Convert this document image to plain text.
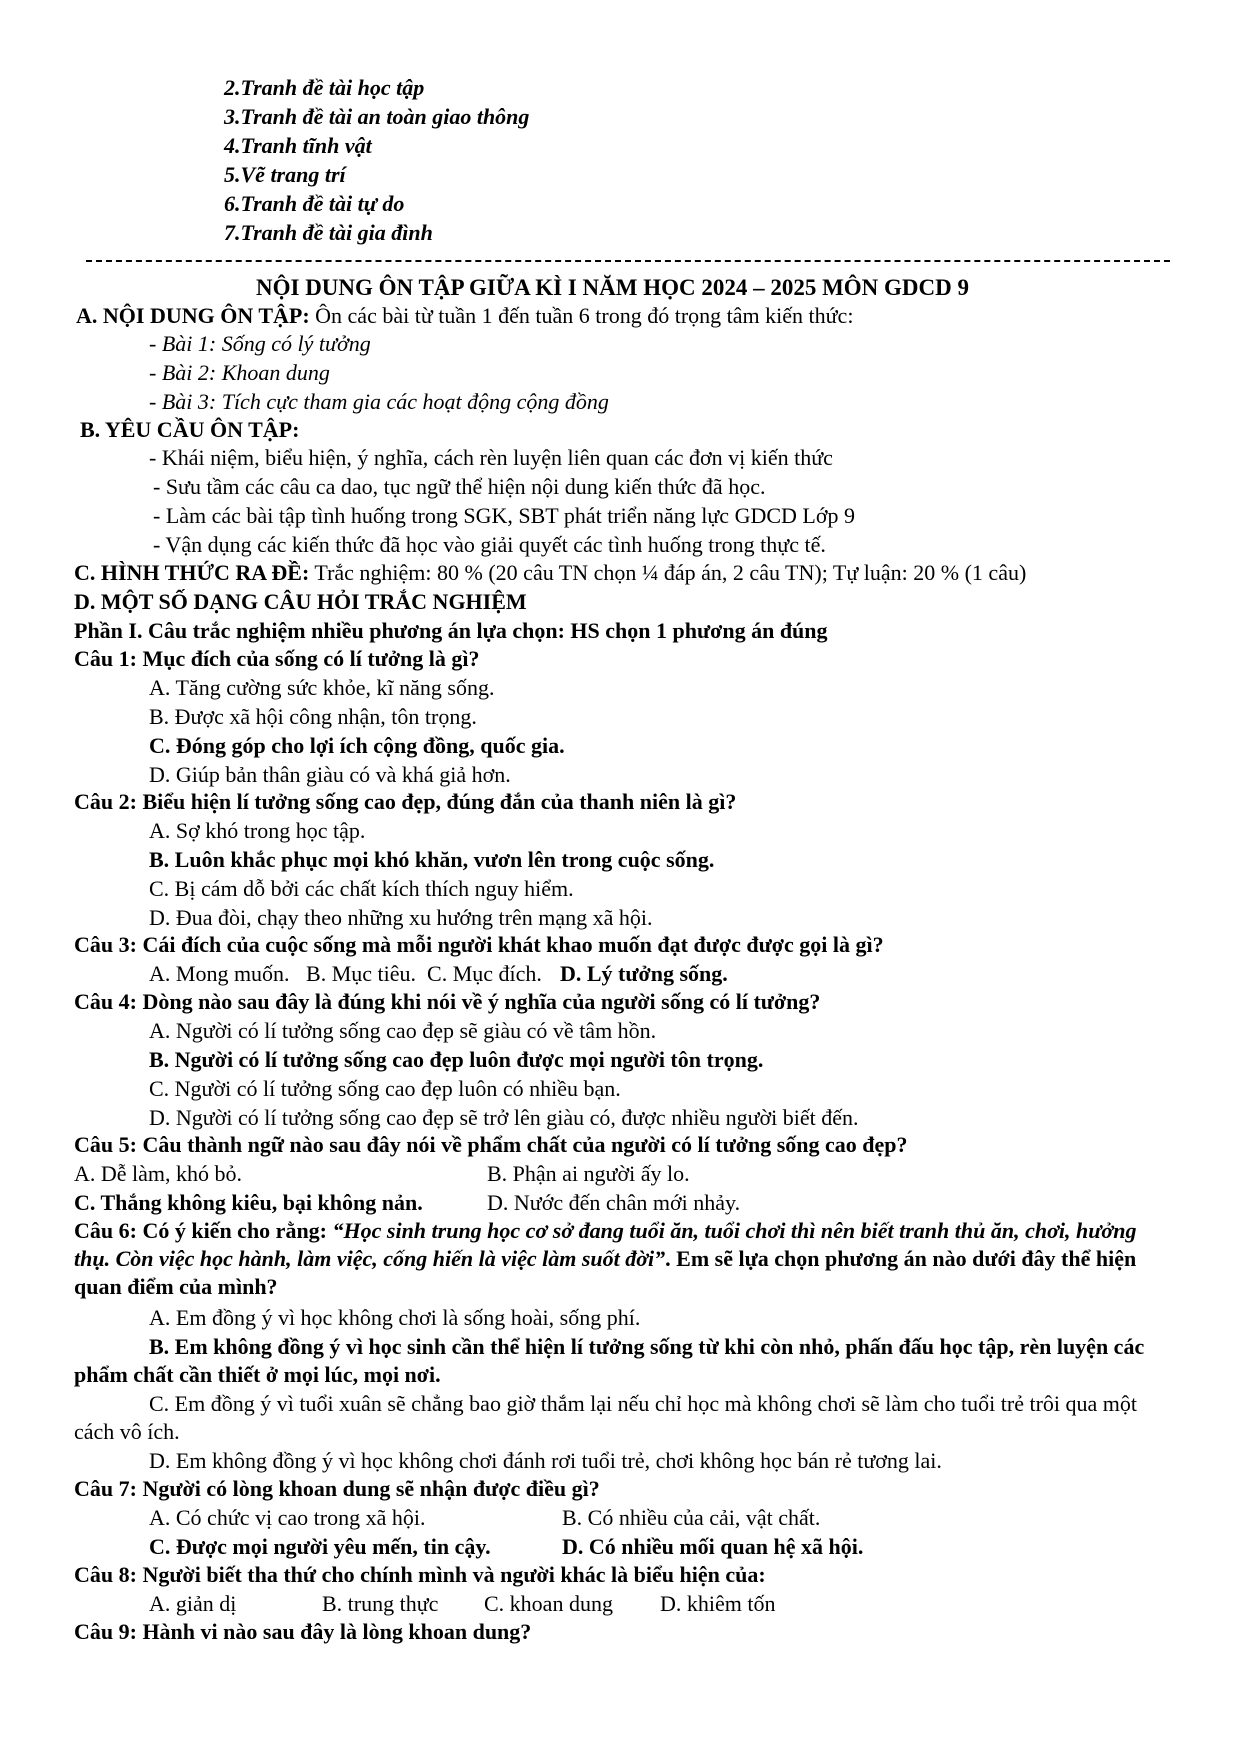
2.Tranh đề tài học tập
3.Tranh đề tài an toàn giao thông
4.Tranh tĩnh vật
5.Vẽ trang trí
6.Tranh đề tài tự do
7.Tranh đề tài gia đình
NỘI DUNG ÔN TẬP GIỮA KÌ I NĂM HỌC 2024 – 2025 MÔN GDCD 9
A. NỘI DUNG ÔN TẬP: Ôn các bài từ tuần 1 đến tuần 6 trong đó trọng tâm kiến thức:
- Bài 1: Sống có lý tưởng
- Bài 2: Khoan dung
- Bài 3: Tích cực tham gia các hoạt động cộng đồng
B. YÊU CẦU ÔN TẬP:
- Khái niệm, biểu hiện, ý nghĩa, cách rèn luyện liên quan các đơn vị kiến thức
- Sưu tầm các câu ca dao, tục ngữ thể hiện nội dung kiến thức đã học.
- Làm các bài tập tình huống trong SGK, SBT phát triển năng lực GDCD Lớp 9
- Vận dụng các kiến thức đã học vào giải quyết các tình huống trong thực tế.
C. HÌNH THỨC RA ĐỀ: Trắc nghiệm: 80 % (20 câu TN chọn ¼ đáp án, 2 câu TN); Tự luận: 20 % (1 câu)
D. MỘT SỐ DẠNG CÂU HỎI TRẮC NGHIỆM
Phần I. Câu trắc nghiệm nhiều phương án lựa chọn: HS chọn 1 phương án đúng
Câu 1: Mục đích của sống có lí tưởng là gì?
A. Tăng cường sức khỏe, kĩ năng sống.
B. Được xã hội công nhận, tôn trọng.
C. Đóng góp cho lợi ích cộng đồng, quốc gia.
D. Giúp bản thân giàu có và khá giả hơn.
Câu 2: Biểu hiện lí tưởng sống cao đẹp, đúng đắn của thanh niên là gì?
A. Sợ khó trong học tập.
B. Luôn khắc phục mọi khó khăn, vươn lên trong cuộc sống.
C. Bị cám dỗ bởi các chất kích thích nguy hiểm.
D. Đua đòi, chạy theo những xu hướng trên mạng xã hội.
Câu 3: Cái đích của cuộc sống mà mỗi người khát khao muốn đạt được được gọi là gì?
A. Mong muốn.   B. Mục tiêu.  C. Mục đích. D. Lý tưởng sống.
Câu 4: Dòng nào sau đây là đúng khi nói về ý nghĩa của người sống có lí tưởng?
A. Người có lí tưởng sống cao đẹp sẽ giàu có về tâm hồn.
B. Người có lí tưởng sống cao đẹp luôn được mọi người tôn trọng.
C. Người có lí tưởng sống cao đẹp luôn có nhiều bạn.
D. Người có lí tưởng sống cao đẹp sẽ trở lên giàu có, được nhiều người biết đến.
Câu 5: Câu thành ngữ nào sau đây nói về phẩm chất của người có lí tưởng sống cao đẹp?
A. Dễ làm, khó bỏ.	B. Phận ai người ấy lo.
C. Thắng không kiêu, bại không nản.	D. Nước đến chân mới nhảy.
Câu 6: Có ý kiến cho rằng: “Học sinh trung học cơ sở đang tuổi ăn, tuổi chơi thì nên biết tranh thủ ăn, chơi, hưởng thụ. Còn việc học hành, làm việc, cống hiến là việc làm suốt đời”. Em sẽ lựa chọn phương án nào dưới đây thể hiện quan điểm của mình?
A. Em đồng ý vì học không chơi là sống hoài, sống phí.
B. Em không đồng ý vì học sinh cần thể hiện lí tưởng sống từ khi còn nhỏ, phấn đấu học tập, rèn luyện các phẩm chất cần thiết ở mọi lúc, mọi nơi.
C. Em đồng ý vì tuổi xuân sẽ chẳng bao giờ thắm lại nếu chỉ học mà không chơi sẽ làm cho tuổi trẻ trôi qua một cách vô ích.
D. Em không đồng ý vì học không chơi đánh rơi tuổi trẻ, chơi không học bán rẻ tương lai.
Câu 7: Người có lòng khoan dung sẽ nhận được điều gì?
A. Có chức vị cao trong xã hội.	B. Có nhiều của cải, vật chất.
C. Được mọi người yêu mến, tin cậy.	D. Có nhiều mối quan hệ xã hội.
Câu 8: Người biết tha thứ cho chính mình và người khác là biểu hiện của:
A. giản dị	B. trung thực C. khoan dung D. khiêm tốn
Câu 9: Hành vi nào sau đây là lòng khoan dung?
